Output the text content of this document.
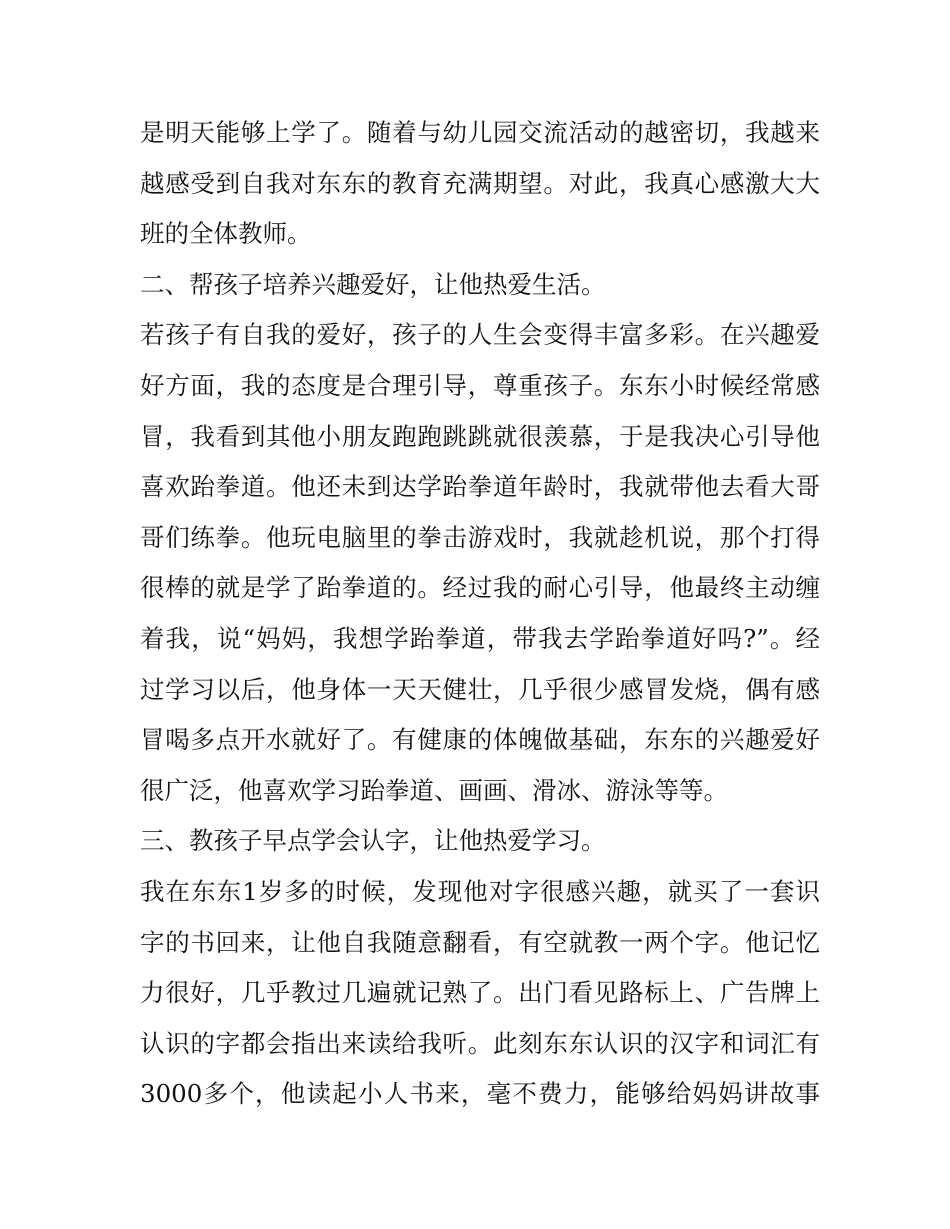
是明天能够上学了。随着与幼儿园交流活动的越密切，我越来
越感受到自我对东东的教育充满期望。对此，我真心感激大大
班的全体教师。
二、帮孩子培养兴趣爱好，让他热爱生活。
若孩子有自我的爱好，孩子的人生会变得丰富多彩。在兴趣爱
好方面，我的态度是合理引导，尊重孩子。东东小时候经常感
冒，我看到其他小朋友跑跑跳跳就很羡慕，于是我决心引导他
喜欢跆拳道。他还未到达学跆拳道年龄时，我就带他去看大哥
哥们练拳。他玩电脑里的拳击游戏时，我就趁机说，那个打得
很棒的就是学了跆拳道的。经过我的耐心引导，他最终主动缠
着我，说“妈妈，我想学跆拳道，带我去学跆拳道好吗?”。经
过学习以后，他身体一天天健壮，几乎很少感冒发烧，偶有感
冒喝多点开水就好了。有健康的体魄做基础，东东的兴趣爱好
很广泛，他喜欢学习跆拳道、画画、滑冰、游泳等等。
三、教孩子早点学会认字，让他热爱学习。
我在东东1岁多的时候，发现他对字很感兴趣，就买了一套识
字的书回来，让他自我随意翻看，有空就教一两个字。他记忆
力很好，几乎教过几遍就记熟了。出门看见路标上、广告牌上
认识的字都会指出来读给我听。此刻东东认识的汉字和词汇有
3000多个，他读起小人书来，毫不费力，能够给妈妈讲故事
